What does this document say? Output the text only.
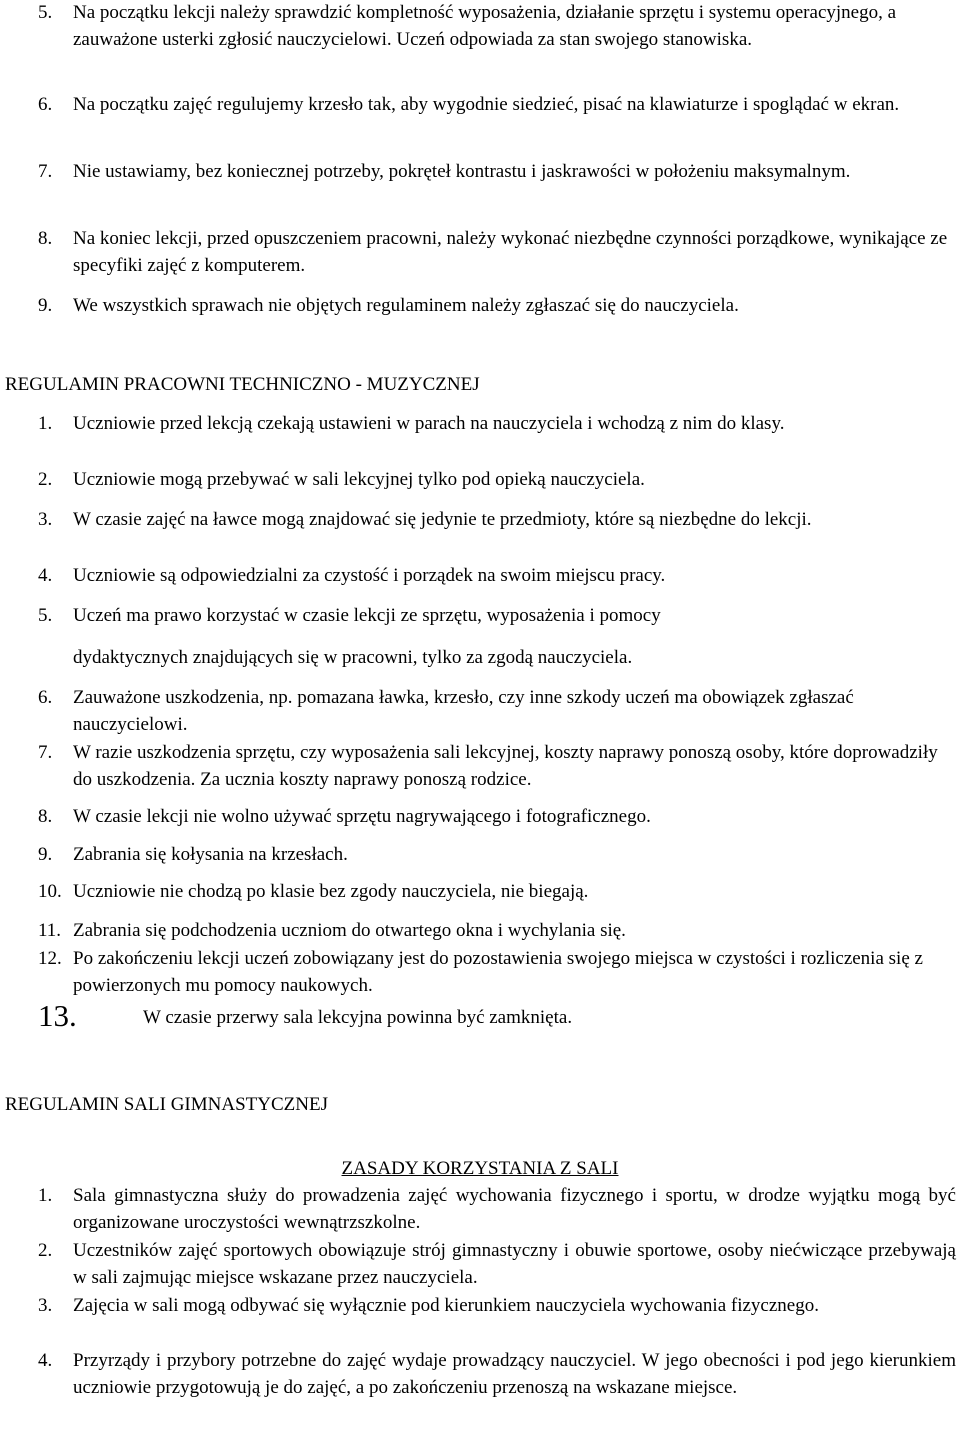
5. Na początku lekcji należy sprawdzić kompletność wyposażenia, działanie sprzętu i systemu operacyjnego, a zauważone usterki zgłosić nauczycielowi. Uczeń odpowiada za stan swojego stanowiska.
6. Na początku zajęć regulujemy krzesło tak, aby wygodnie siedzieć, pisać na klawiaturze i spoglądać w ekran.
7. Nie ustawiamy, bez koniecznej potrzeby, pokręteł kontrastu i jaskrawości w położeniu maksymalnym.
8. Na koniec lekcji, przed opuszczeniem pracowni, należy wykonać niezbędne czynności porządkowe, wynikające ze specyfiki zajęć z komputerem.
9. We wszystkich sprawach nie objętych regulaminem należy zgłaszać się do nauczyciela.
REGULAMIN PRACOWNI TECHNICZNO - MUZYCZNEJ
1. Uczniowie przed lekcją czekają ustawieni w parach na nauczyciela i wchodzą z nim do klasy.
2. Uczniowie mogą przebywać w sali lekcyjnej tylko pod opieką nauczyciela.
3. W czasie zajęć na ławce mogą znajdować się jedynie te przedmioty, które są niezbędne do lekcji.
4. Uczniowie są odpowiedzialni za czystość i porządek na swoim miejscu pracy.
5. Uczeń ma prawo korzystać w czasie lekcji ze sprzętu, wyposażenia i pomocy
dydaktycznych znajdujących się w pracowni, tylko za zgodą nauczyciela.
6. Zauważone uszkodzenia, np. pomazana ławka, krzesło, czy inne szkody uczeń ma obowiązek zgłaszać nauczycielowi.
7. W razie uszkodzenia sprzętu, czy wyposażenia sali lekcyjnej, koszty naprawy ponoszą osoby, które doprowadziły do uszkodzenia. Za ucznia koszty naprawy ponoszą rodzice.
8. W czasie lekcji nie wolno używać sprzętu nagrywającego i fotograficznego.
9. Zabrania się kołysania na krzesłach.
10. Uczniowie nie chodzą po klasie bez zgody nauczyciela, nie biegają.
11. Zabrania się podchodzenia uczniom do otwartego okna i wychylania się.
12. Po zakończeniu lekcji uczeń zobowiązany jest do pozostawienia swojego miejsca w czystości i rozliczenia się z powierzonych mu pomocy naukowych.
13.	W czasie przerwy sala lekcyjna powinna być zamknięta.
REGULAMIN SALI GIMNASTYCZNEJ
ZASADY KORZYSTANIA Z SALI
1. Sala gimnastyczna służy do prowadzenia zajęć wychowania fizycznego i sportu, w drodze wyjątku mogą być organizowane uroczystości wewnątrzszkolne.
2. Uczestników zajęć sportowych obowiązuje strój gimnastyczny i obuwie sportowe, osoby niećwiczące przebywają w sali zajmując miejsce wskazane przez nauczyciela.
3. Zajęcia w sali mogą odbywać się wyłącznie pod kierunkiem nauczyciela wychowania fizycznego.
4. Przyrządy i przybory potrzebne do zajęć wydaje prowadzący nauczyciel. W jego obecności i pod jego kierunkiem uczniowie przygotowują je do zajęć, a po zakończeniu przenoszą na wskazane miejsce.
